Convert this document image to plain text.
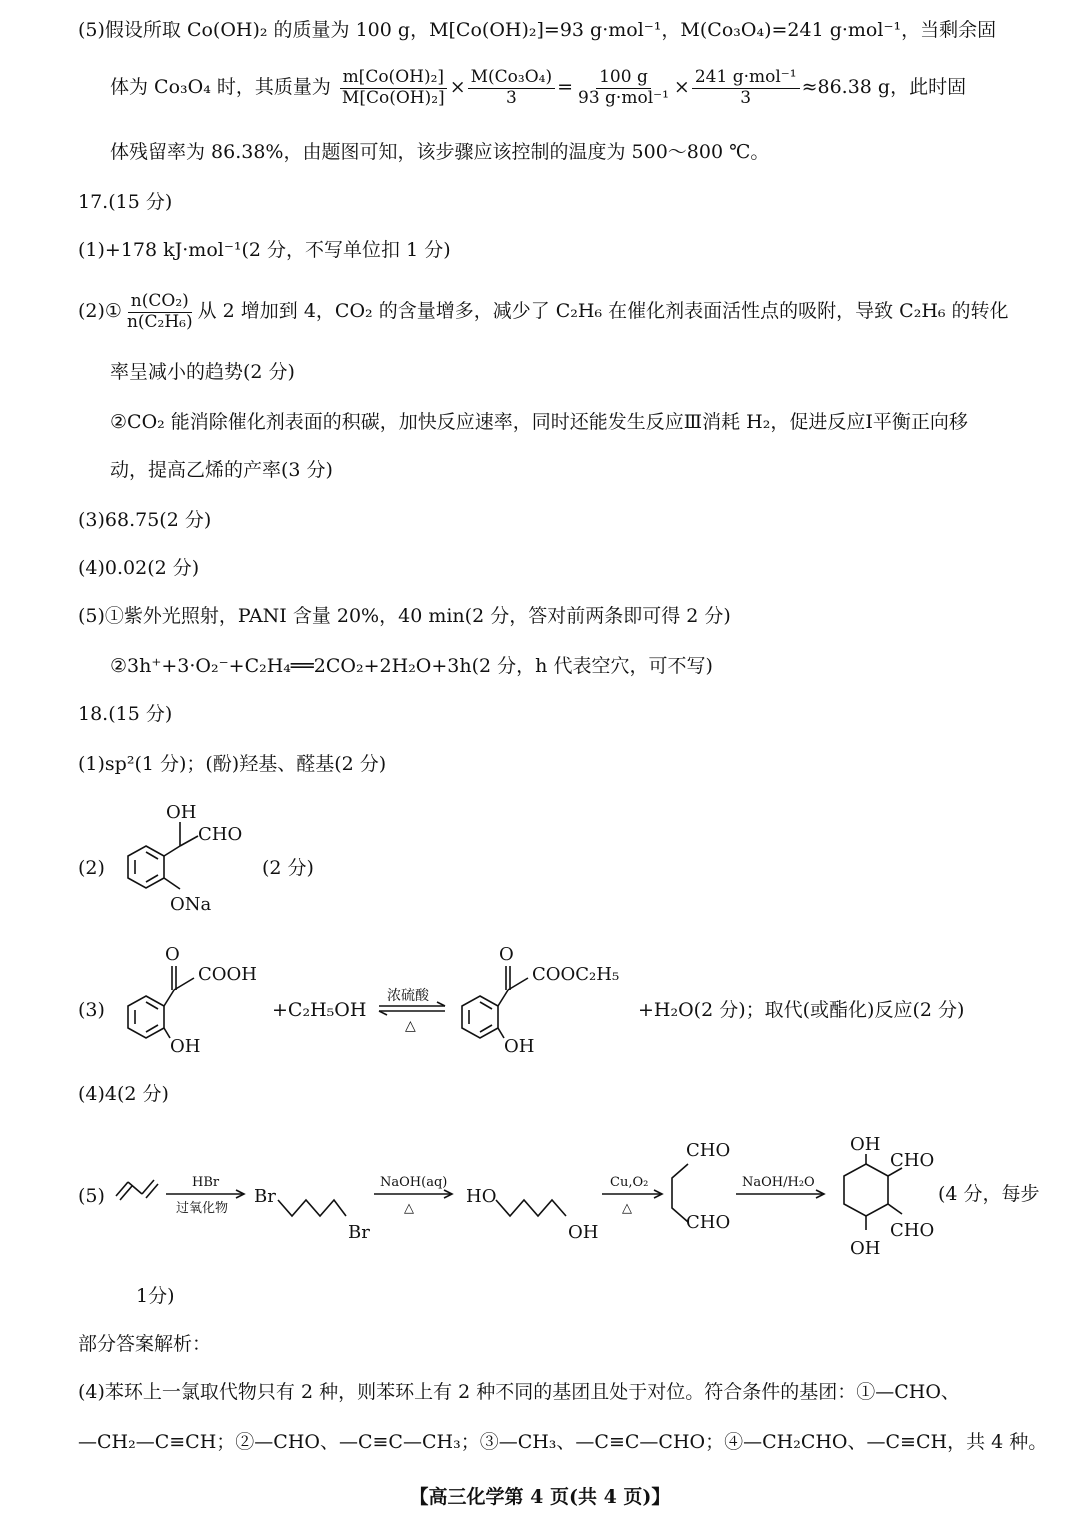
(5)假设所取 Co(OH)₂ 的质量为 100 g，M[Co(OH)₂]=93 g·mol⁻¹，M(Co₃O₄)=241 g·mol⁻¹，当剩余固
体为 Co₃O₄ 时，其质量为 $\frac{\text{m[Co(OH)₂]}}{\text{M[Co(OH)₂]}} \times \frac{\text{M(Co₃O₄)}}{3} = \frac{100 g}{\text{93 g·mol⁻¹}} \times \frac{\text{241 g·mol⁻¹}}{3} \approx 86.38$ g，此时固
体残留率为 86.38%，由题图可知，该步骤应该控制的温度为 500～800 ℃。
17.(15 分)
(1)+178 kJ·mol⁻¹(2 分，不写单位扣 1 分)
(2)① $\frac{\text{n(CO₂)}}{\text{n(C₂H₆)}}$ 从 2 增加到 4，CO₂ 的含量增多，减少了 C₂H₆ 在催化剂表面活性点的吸附，导致 C₂H₆ 的转化
率呈减小的趋势(2 分)
②CO₂ 能消除催化剂表面的积碳，加快反应速率，同时还能发生反应Ⅲ消耗 H₂，促进反应Ⅰ平衡正向移
动，提高乙烯的产率(3 分)
(3)68.75(2 分)
(4)0.02(2 分)
(5)①紫外光照射，PANI 含量 20%，40 min(2 分，答对前两条即可得 2 分)
②3h⁺+3·O₂⁻+C₂H₄══2CO₂+2H₂O+3h(2 分，h 代表空穴，可不写)
18.(15 分)
(1)sp²(1 分)；(酚)羟基、醛基(2 分)
(2)
OH
CHO
ONa
(2 分)
(3)
O
COOH
OH
+C₂H₅OH
浓硫酸
△
O
COOC₂H₅
OH
+H₂O(2 分)；取代(或酯化)反应(2 分)
(4)4(2 分)
(5)
HBr
过氧化物
Br
Br
NaOH(aq)
△
HO
OH
Cu,O₂
△
CHO
CHO
NaOH/H₂O
OH
CHO
CHO
OH
(4 分，每步
1分)
部分答案解析：
(4)苯环上一氯取代物只有 2 种，则苯环上有 2 种不同的基团且处于对位。符合条件的基团：①—CHO、
—CH₂—C≡CH；②—CHO、—C≡C—CH₃；③—CH₃、—C≡C—CHO；④—CH₂CHO、—C≡CH，共 4 种。
【高三化学第 4 页(共 4 页)】
